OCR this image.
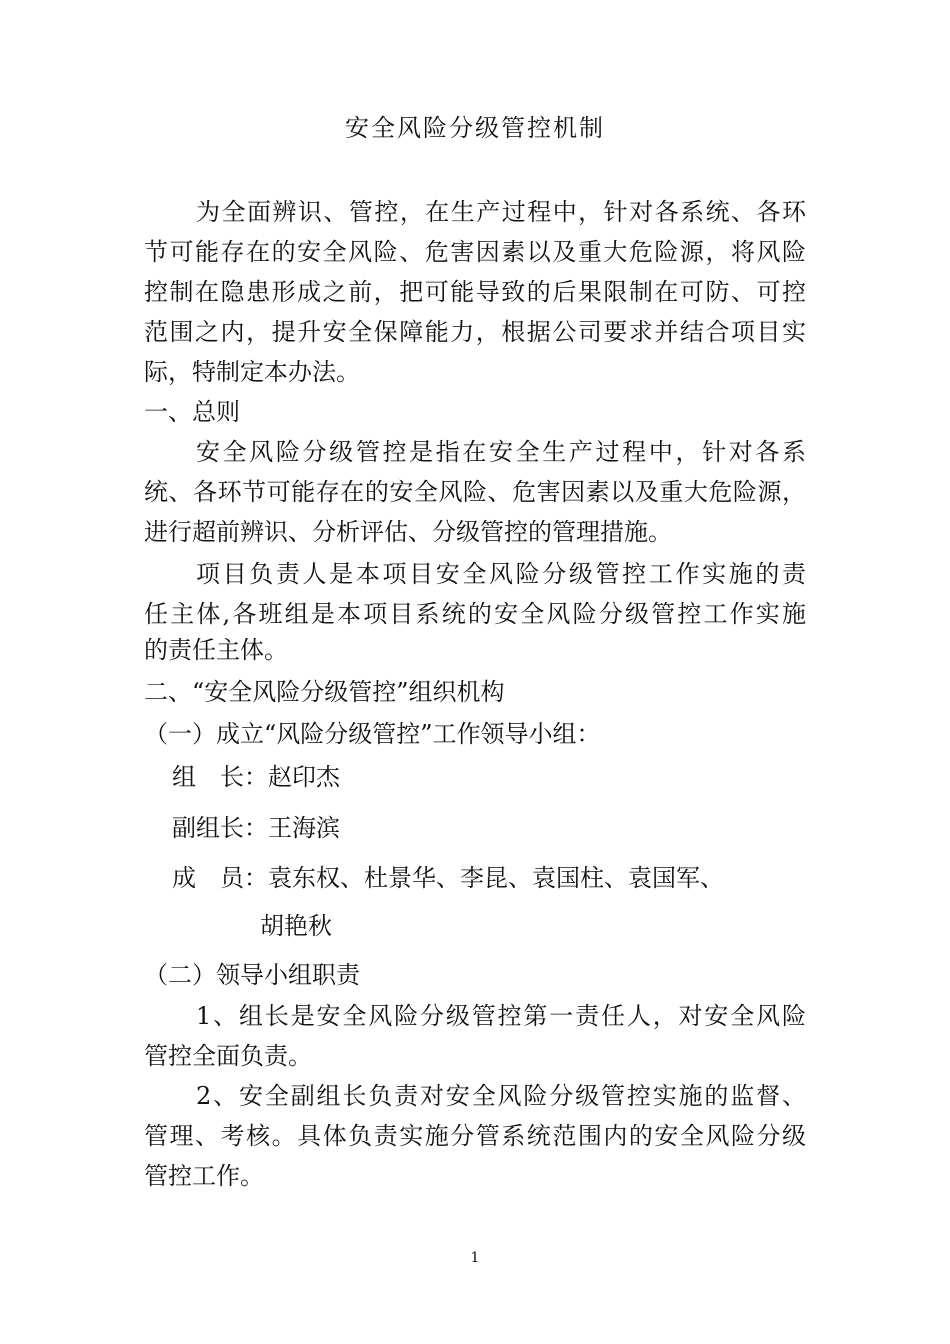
安全风险分级管控机制
为全面辨识、管控，在生产过程中，针对各系统、各环
节可能存在的安全风险、危害因素以及重大危险源，将风险
控制在隐患形成之前，把可能导致的后果限制在可防、可控
范围之内，提升安全保障能力，根据公司要求并结合项目实
际，特制定本办法。
一、总则
安全风险分级管控是指在安全生产过程中，针对各系
统、各环节可能存在的安全风险、危害因素以及重大危险源，
进行超前辨识、分析评估、分级管控的管理措施。
项目负责人是本项目安全风险分级管控工作实施的责
任主体,各班组是本项目系统的安全风险分级管控工作实施
的责任主体。
二、“安全风险分级管控”组织机构
（一）成立“风险分级管控”工作领导小组：
组　长：赵印杰
副组长：王海滨
成　员：袁东权、杜景华、李昆、袁国柱、袁国军、
胡艳秋
（二）领导小组职责
1、组长是安全风险分级管控第一责任人，对安全风险
管控全面负责。
2、安全副组长负责对安全风险分级管控实施的监督、
管理、考核。具体负责实施分管系统范围内的安全风险分级
管控工作。
1
